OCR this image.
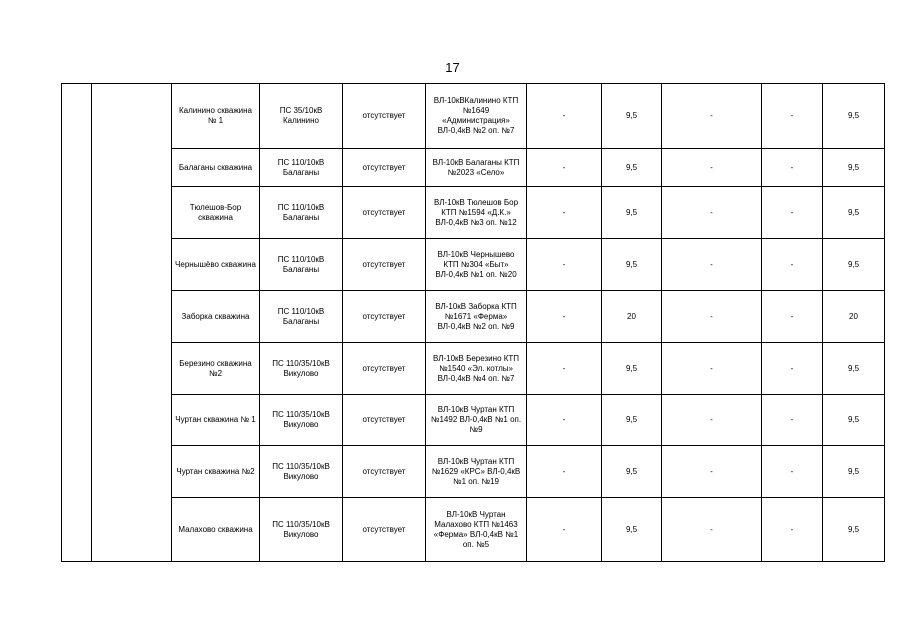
17
		Калинино скважина № 1	ПС 35/10кВ Калинино	отсутствует	ВЛ-10кВКалинино КТП №1649 «Администрация» ВЛ-0,4кВ №2 оп. №7	-	9,5	-	-	9,5
		Балаганы скважина	ПС 110/10кВ Балаганы	отсутствует	ВЛ-10кВ Балаганы КТП №2023 «Село»	-	9,5	-	-	9,5
		Тюлешов-Бор скважина	ПС 110/10кВ Балаганы	отсутствует	ВЛ-10кВ Тюлешов Бор КТП №1594 «Д.К.» ВЛ-0,4кВ №3 оп. №12	-	9,5	-	-	9,5
		Чернышёво скважина	ПС 110/10кВ Балаганы	отсутствует	ВЛ-10кВ Чернышево КТП №304 «Быт» ВЛ-0,4кВ №1 оп. №20	-	9,5	-	-	9,5
		Заборка скважина	ПС 110/10кВ Балаганы	отсутствует	ВЛ-10кВ Заборка КТП №1671 «Ферма» ВЛ-0,4кВ №2 оп. №9	-	20	-	-	20
		Березино скважина №2	ПС 110/35/10кВ Викулово	отсутствует	ВЛ-10кВ Березино КТП №1540 «Эл. котлы» ВЛ-0,4кВ №4 оп. №7	-	9,5	-	-	9,5
		Чуртан скважина № 1	ПС 110/35/10кВ Викулово	отсутствует	ВЛ-10кВ Чуртан КТП №1492 ВЛ-0,4кВ №1 оп. №9	-	9,5	-	-	9,5
		Чуртан скважина №2	ПС 110/35/10кВ Викулово	отсутствует	ВЛ-10кВ Чуртан КТП №1629 «КРС» ВЛ-0,4кВ №1 оп. №19	-	9,5	-	-	9,5
		Малахово скважина	ПС 110/35/10кВ Викулово	отсутствует	ВЛ-10кВ Чуртан Малахово КТП №1463 «Ферма» ВЛ-0,4кВ №1 оп. №5	-	9,5	-	-	9,5
